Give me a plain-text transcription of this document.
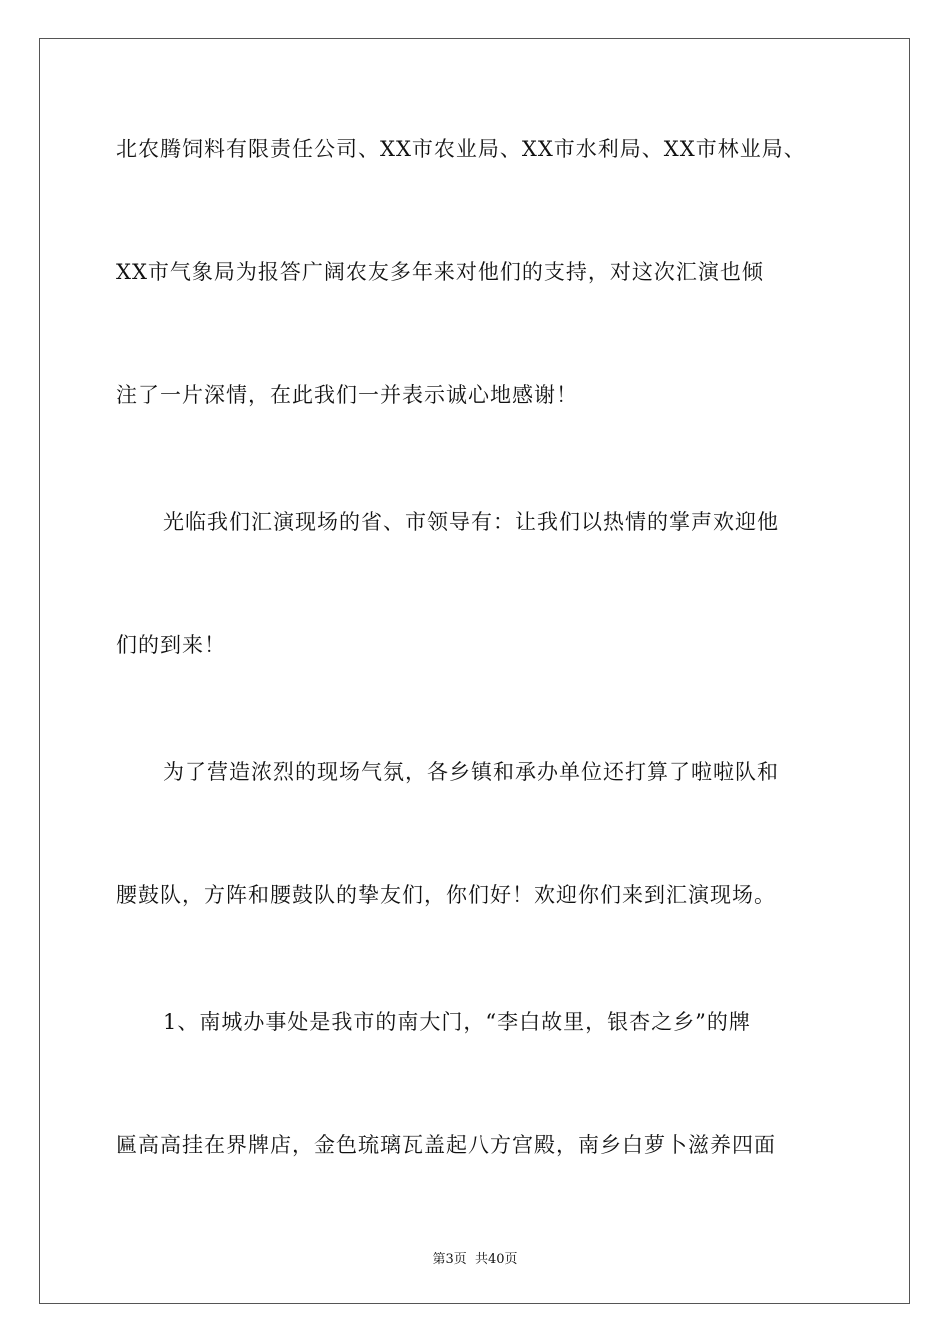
北农腾饲料有限责任公司、XX市农业局、XX市水利局、XX市林业局、
XX市气象局为报答广阔农友多年来对他们的支持，对这次汇演也倾
注了一片深情，在此我们一并表示诚心地感谢！
光临我们汇演现场的省、市领导有：让我们以热情的掌声欢迎他
们的到来！
为了营造浓烈的现场气氛，各乡镇和承办单位还打算了啦啦队和
腰鼓队，方阵和腰鼓队的挚友们，你们好！欢迎你们来到汇演现场。
1、南城办事处是我市的南大门，“李白故里，银杏之乡”的牌
匾高高挂在界牌店，金色琉璃瓦盖起八方宫殿，南乡白萝卜滋养四面
第3页 共40页
